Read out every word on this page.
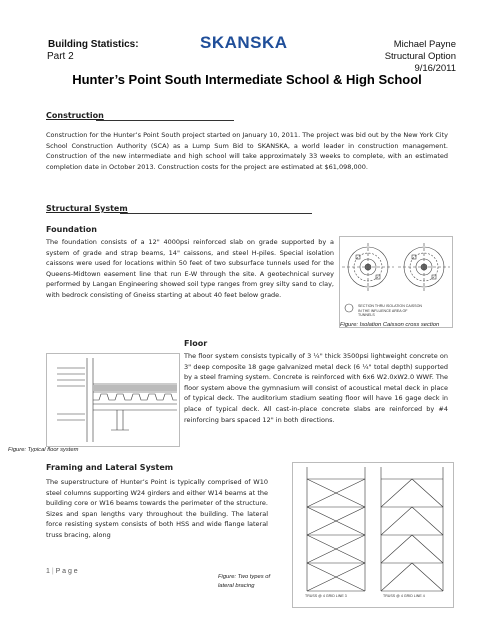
Building Statistics:
Part 2
SKANSKA	Michael Payne
Structural Option
9/16/2011
Hunter’s Point South Intermediate School & High School
Construction
Construction for the Hunter’s Point South project started on January 10, 2011. The project was bid out by the New York City School Construction Authority (SCA) as a Lump Sum Bid to SKANSKA, a world leader in construction management. Construction of the new intermediate and high school will take approximately 33 weeks to complete, with an estimated completion date in October 2013. Construction costs for the project are estimated at $61,098,000.
Structural System
Foundation
The foundation consists of a 12" 4000psi reinforced slab on grade supported by a system of grade and strap beams, 14" caissons, and steel H-piles. Special isolation caissons were used for locations within 50 feet of two subsurface tunnels used for the Queens-Midtown easement line that run E-W through the site. A geotechnical survey performed by Langan Engineering showed soil type ranges from grey silty sand to clay, with bedrock consisting of Gneiss starting at about 40 feet below grade.
SECTION THRU ISOLATION CAISSON IN THE INFLUENCE AREA OF TUNNELS
Figure: Isolation Caisson cross section
Figure: Typical floor system
Floor
The floor system consists typically of 3 ¼" thick 3500psi lightweight concrete on 3" deep composite 18 gage galvanized metal deck (6 ¼" total depth) supported by a steel framing system. Concrete is reinforced with 6x6 W2.0xW2.0 WWF. The floor system above the gymnasium will consist of acoustical metal deck in place of typical deck. The auditorium stadium seating floor will have 16 gage deck in place of typical deck. All cast-in-place concrete slabs are reinforced by #4 reinforcing bars spaced 12" in both directions.
Framing and Lateral System
The superstructure of Hunter’s Point is typically comprised of W10 steel columns supporting W24 girders and either W14 beams at the building core or W16 beams towards the perimeter of the structure. Sizes and span lengths vary throughout the building. The lateral force resisting system consists of both HSS and wide flange lateral truss bracing, along
TRUSS @ 4 GRID LINE 3	TRUSS @ 4 GRID LINE 4
Figure: Two types of
lateral bracing
1 | P a g e
